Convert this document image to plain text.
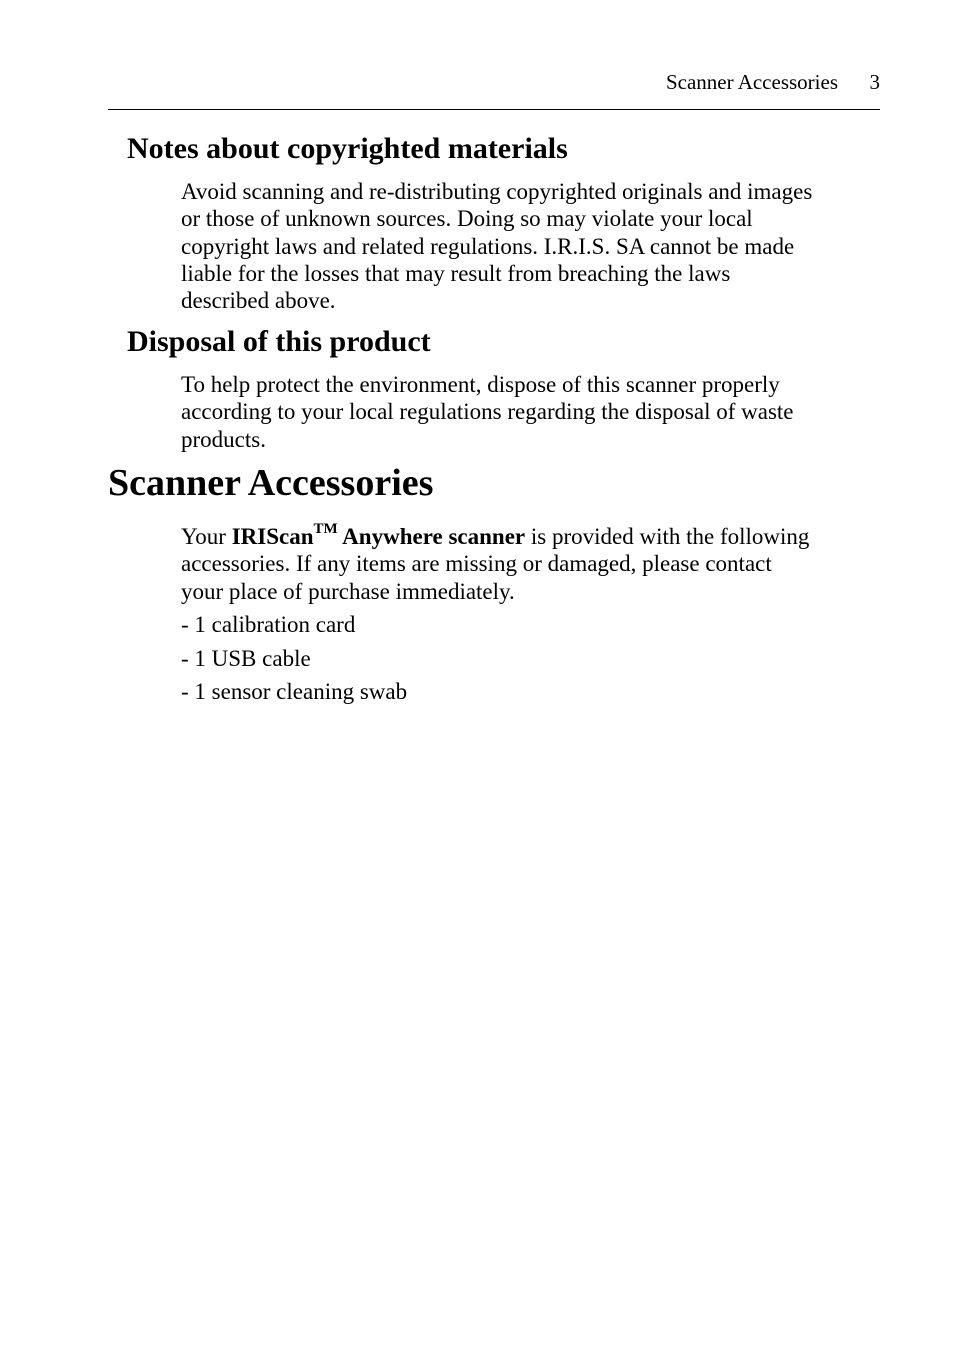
Scanner Accessories 3
Notes about copyrighted materials

Avoid scanning and re-distributing copyrighted originals and images
or those of unknown sources. Doing so may violate your local
copyright laws and related regulations. I.R.I.S. SA cannot be made
liable for the losses that may result from breaching the laws
described above.

Disposal of this product

To help protect the environment, dispose of this scanner properly
according to your local regulations regarding the disposal of waste
products.

Scanner Accessories

Your IRIScan™ Anywhere scanner is provided with the following
accessories. If any items are missing or damaged, please contact
your place of purchase immediately.

- 1 calibration card

- 1 USB cable

- 1 sensor cleaning swab
